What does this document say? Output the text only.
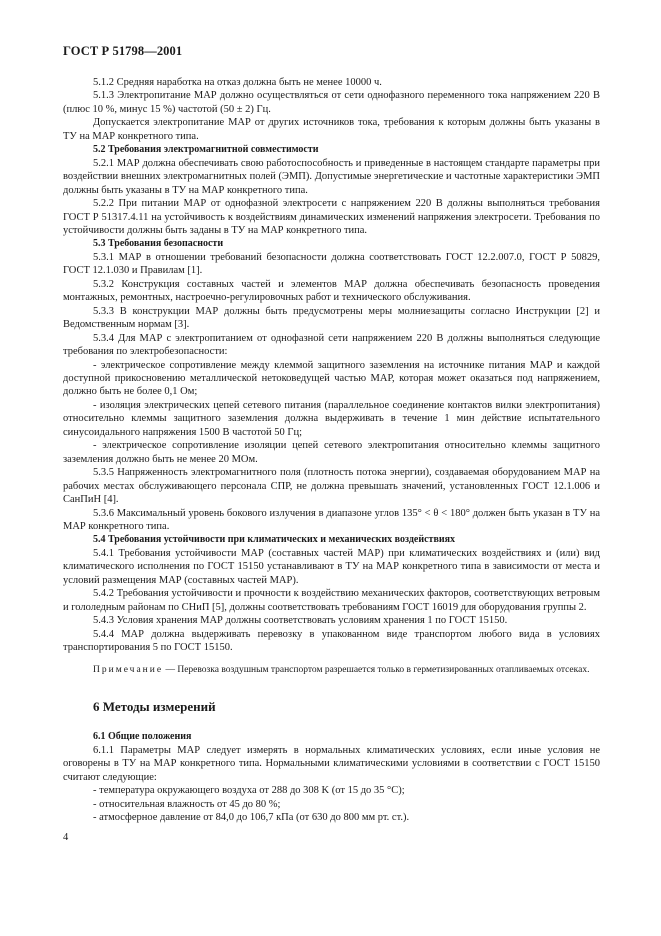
ГОСТ Р 51798—2001

5.1.2 Средняя наработка на отказ должна быть не менее 10000 ч.

5.1.3 Электропитание МАР должно осуществляться от сети однофазного переменного тока напряжением 220 В (плюс 10 %, минус 15 %) частотой (50 ± 2) Гц.

Допускается электропитание МАР от других источников тока, требования к которым должны быть указаны в ТУ на МАР конкретного типа.

5.2 Требования электромагнитной совместимости

5.2.1 МАР должна обеспечивать свою работоспособность и приведенные в настоящем стандарте параметры при воздействии внешних электромагнитных полей (ЭМП). Допустимые энергетические и частотные характеристики ЭМП должны быть указаны в ТУ на МАР конкретного типа.

5.2.2 При питании МАР от однофазной электросети с напряжением 220 В должны выполняться требования ГОСТ Р 51317.4.11 на устойчивость к воздействиям динамических изменений напряжения электросети. Требования по устойчивости должны быть заданы в ТУ на МАР конкретного типа.

5.3 Требования безопасности

5.3.1 МАР в отношении требований безопасности должна соответствовать ГОСТ 12.2.007.0, ГОСТ Р 50829, ГОСТ 12.1.030 и Правилам [1].

5.3.2 Конструкция составных частей и элементов МАР должна обеспечивать безопасность проведения монтажных, ремонтных, настроечно-регулировочных работ и технического обслуживания.

5.3.3 В конструкции МАР должны быть предусмотрены меры молниезащиты согласно Инструкции [2] и Ведомственным нормам [3].

5.3.4 Для МАР с электропитанием от однофазной сети напряжением 220 В должны выполняться следующие требования по электробезопасности:

- электрическое сопротивление между клеммой защитного заземления на источнике питания МАР и каждой доступной прикосновению металлической нетоковедущей частью МАР, которая может оказаться под напряжением, должно быть не более 0,1 Ом;

- изоляция электрических цепей сетевого питания (параллельное соединение контактов вилки электропитания) относительно клеммы защитного заземления должна выдерживать в течение 1 мин действие испытательного синусоидального напряжения 1500 В частотой 50 Гц;

- электрическое сопротивление изоляции цепей сетевого электропитания относительно клеммы защитного заземления должно быть не менее 20 МОм.

5.3.5 Напряженность электромагнитного поля (плотность потока энергии), создаваемая оборудованием МАР на рабочих местах обслуживающего персонала СПР, не должна превышать значений, установленных ГОСТ 12.1.006 и СанПиН [4].

5.3.6 Максимальный уровень бокового излучения в диапазоне углов 135° < θ < 180° должен быть указан в ТУ на МАР конкретного типа.

5.4 Требования устойчивости при климатических и механических воздействиях

5.4.1 Требования устойчивости МАР (составных частей МАР) при климатических воздействиях и (или) вид климатического исполнения по ГОСТ 15150 устанавливают в ТУ на МАР конкретного типа в зависимости от места и условий размещения МАР (составных частей МАР).

5.4.2 Требования устойчивости и прочности к воздействию механических факторов, соответствующих ветровым и гололедным районам по СНиП [5], должны соответствовать требованиям ГОСТ 16019 для оборудования группы 2.

5.4.3 Условия хранения МАР должны соответствовать условиям хранения 1 по ГОСТ 15150.

5.4.4 МАР должна выдерживать перевозку в упакованном виде транспортом любого вида в условиях транспортирования 5 по ГОСТ 15150.

Примечание — Перевозка воздушным транспортом разрешается только в герметизированных отапливаемых отсеках.

6 Методы измерений

6.1 Общие положения

6.1.1 Параметры МАР следует измерять в нормальных климатических условиях, если иные условия не оговорены в ТУ на МАР конкретного типа. Нормальными климатическими условиями в соответствии с ГОСТ 15150 считают следующие:

- температура окружающего воздуха от 288 до 308 K (от 15 до 35 °С);

- относительная влажность от 45 до 80 %;

- атмосферное давление от 84,0 до 106,7 кПа (от 630 до 800 мм рт. ст.).

4
